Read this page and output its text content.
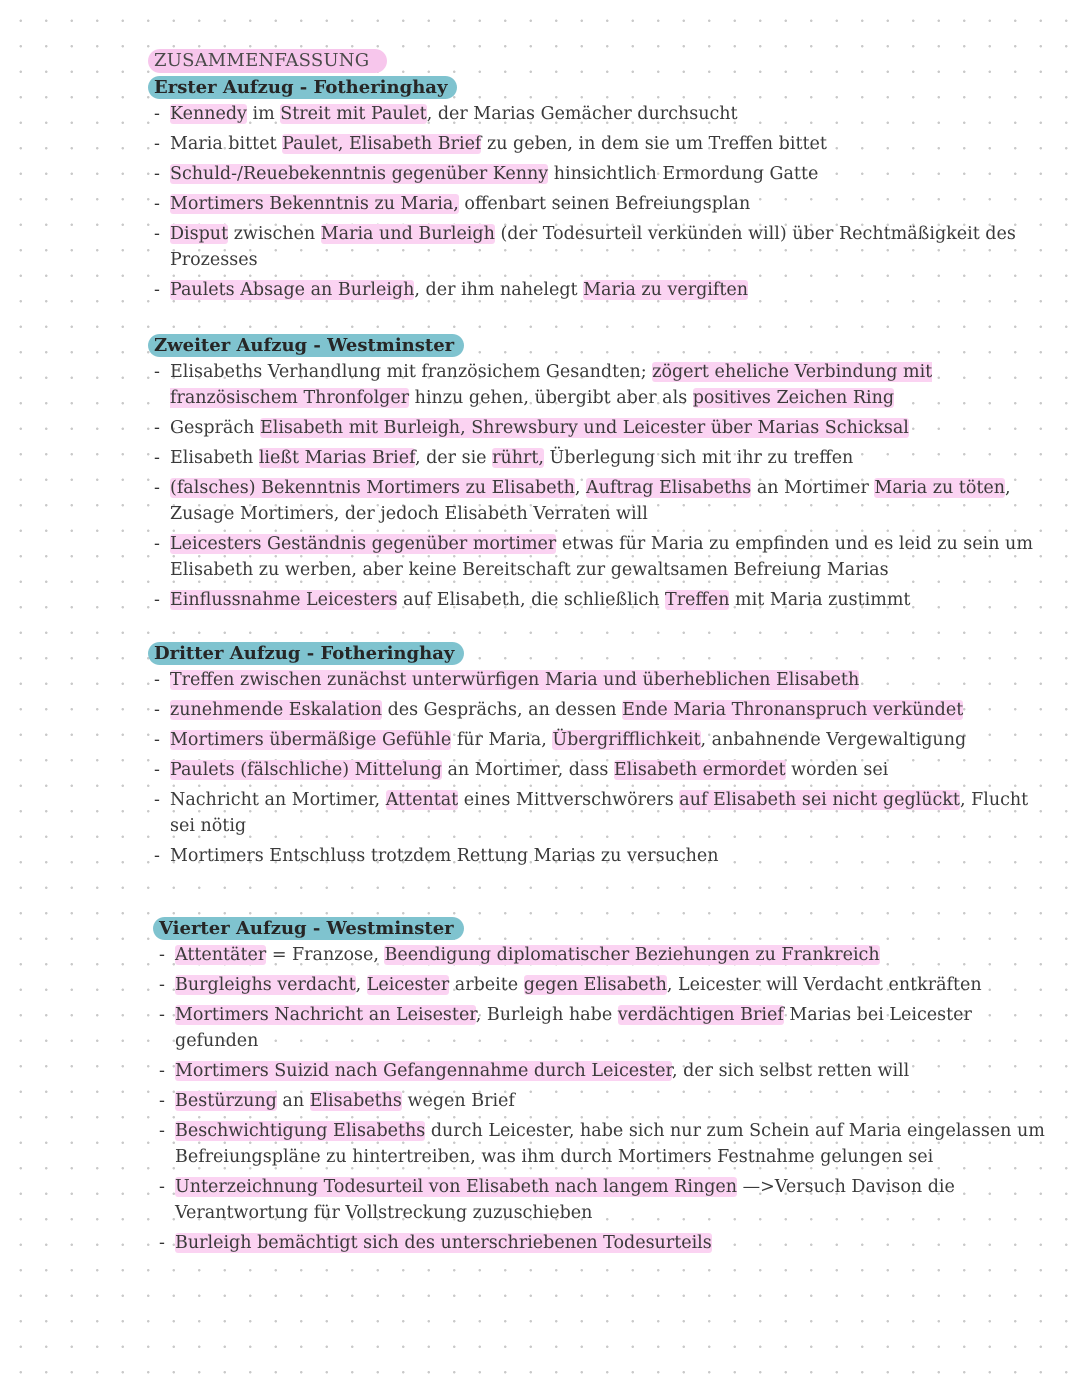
ZUSAMMENFASSUNG
Erster Aufzug - Fotheringhay
- Kennedy im Streit mit Paulet, der Marias Gemächer durchsucht
- Maria bittet Paulet, Elisabeth Brief zu geben, in dem sie um Treffen bittet
- Schuld-/Reuebekenntnis gegenüber Kenny hinsichtlich Ermordung Gatte
- Mortimers Bekenntnis zu Maria, offenbart seinen Befreiungsplan
- Disput zwischen Maria und Burleigh (der Todesurteil verkünden will) über Rechtmäßigkeit des Prozesses
- Paulets Absage an Burleigh, der ihm nahelegt Maria zu vergiften
Zweiter Aufzug - Westminster
- Elisabeths Verhandlung mit französichem Gesandten; zögert eheliche Verbindung mit französischem Thronfolger hinzu gehen, übergibt aber als positives Zeichen Ring
- Gespräch Elisabeth mit Burleigh, Shrewsbury und Leicester über Marias Schicksal
- Elisabeth ließt Marias Brief, der sie rührt, Überlegung sich mit ihr zu treffen
- (falsches) Bekenntnis Mortimers zu Elisabeth, Auftrag Elisabeths an Mortimer Maria zu töten, Zusage Mortimers, der jedoch Elisabeth Verraten will
- Leicesters Geständnis gegenüber mortimer etwas für Maria zu empfinden und es leid zu sein um Elisabeth zu werben, aber keine Bereitschaft zur gewaltsamen Befreiung Marias
- Einflussnahme Leicesters auf Elisabeth, die schließlich Treffen mit Maria zustimmt
Dritter Aufzug - Fotheringhay
- Treffen zwischen zunächst unterwürfigen Maria und überheblichen Elisabeth
- zunehmende Eskalation des Gesprächs, an dessen Ende Maria Thronanspruch verkündet
- Mortimers übermäßige Gefühle für Maria, Übergrifflichkeit, anbahnende Vergewaltigung
- Paulets (fälschliche) Mittelung an Mortimer, dass Elisabeth ermordet worden sei
- Nachricht an Mortimer, Attentat eines Mittverschwörers auf Elisabeth sei nicht geglückt, Flucht sei nötig
- Mortimers Entschluss trotzdem Rettung Marias zu versuchen
Vierter Aufzug - Westminster
- Attentäter = Franzose, Beendigung diplomatischer Beziehungen zu Frankreich
- Burgleighs verdacht, Leicester arbeite gegen Elisabeth, Leicester will Verdacht entkräften
- Mortimers Nachricht an Leisester, Burleigh habe verdächtigen Brief Marias bei Leicester gefunden
- Mortimers Suizid nach Gefangennahme durch Leicester, der sich selbst retten will
- Bestürzung an Elisabeths wegen Brief
- Beschwichtigung Elisabeths durch Leicester, habe sich nur zum Schein auf Maria eingelassen um Befreiungspläne zu hintertreiben, was ihm durch Mortimers Festnahme gelungen sei
- Unterzeichnung Todesurteil von Elisabeth nach langem Ringen —>Versuch Davison die Verantwortung für Vollstreckung zuzuschieben
- Burleigh bemächtigt sich des unterschriebenen Todesurteils
